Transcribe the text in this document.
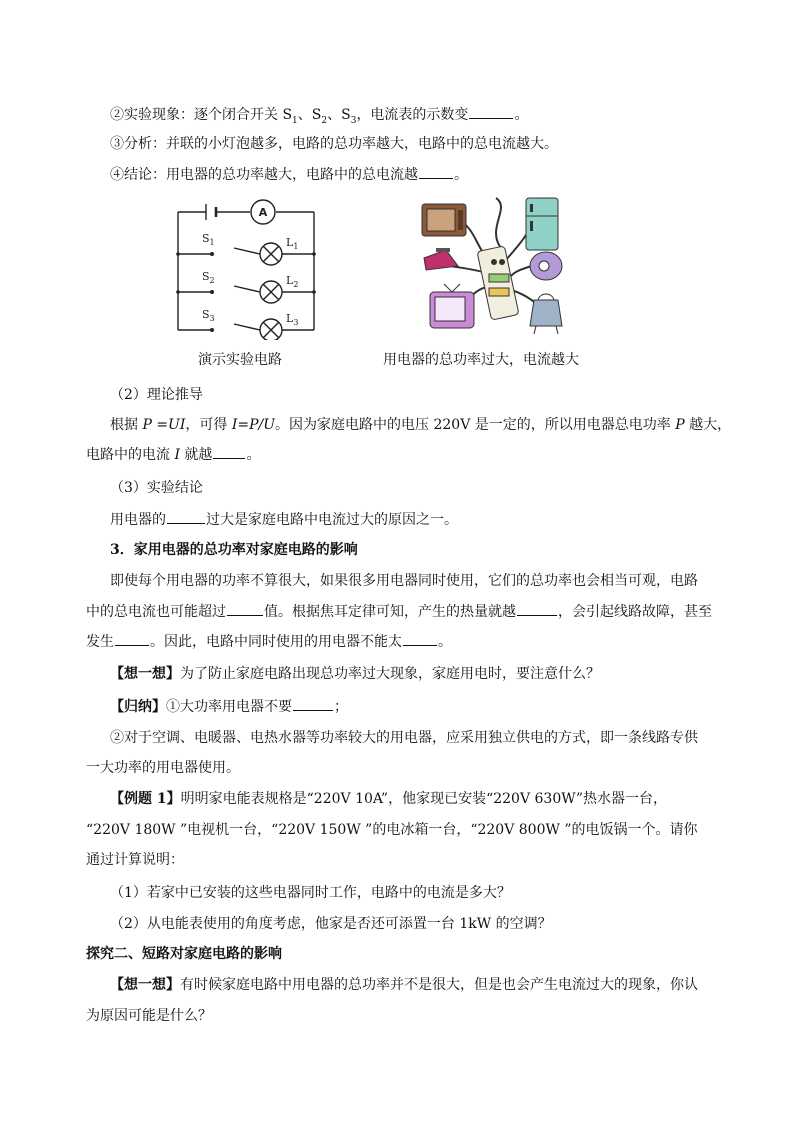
②实验现象：逐个闭合开关 $S_1$、$S_2$、$S_3$，电流表的示数变	。
③分析：并联的小灯泡越多，电路的总功率越大，电路中的总电流越大。
④结论：用电器的总功率越大，电路中的总电流越	。
A
$S_1$
$S_2$
$S_3$
$L_1$
$L_2$
$L_3$
演示实验电路	用电器的总功率过大，电流越大
（2）理论推导
根据 P =UI，可得 I=P/U。因为家庭电路中的电压 220V 是一定的，所以用电器总电功率 P 越大，
电路中的电流 I 就越 。
（3）实验结论
用电器的	过大是家庭电路中电流过大的原因之一。
3．家用电器的总功率对家庭电路的影响
即使每个用电器的功率不算很大，如果很多用电器同时使用，它们的总功率也会相当可观，电路
中的总电流也可能超过	值。根据焦耳定律可知，产生的热量就越	，会引起线路故障，甚至
发生	。因此，电路中同时使用的用电器不能太	。
【想一想】为了防止家庭电路出现总功率过大现象，家庭用电时，要注意什么？
【归纳】①大功率用电器不要	；
②对于空调、电暖器、电热水器等功率较大的用电器，应采用独立供电的方式，即一条线路专供
一大功率的用电器使用。
【例题 1】明明家电能表规格是“220V 10A”，他家现已安装“220V 630W”热水器一台，
“220V 180W ”电视机一台，“220V 150W ”的电冰箱一台，“220V 800W ”的电饭锅一个。请你
通过计算说明：
（1）若家中已安装的这些电器同时工作，电路中的电流是多大？
（2）从电能表使用的角度考虑，他家是否还可添置一台 1kW 的空调？
探究二、短路对家庭电路的影响
【想一想】有时候家庭电路中用电器的总功率并不是很大，但是也会产生电流过大的现象，你认
为原因可能是什么？
